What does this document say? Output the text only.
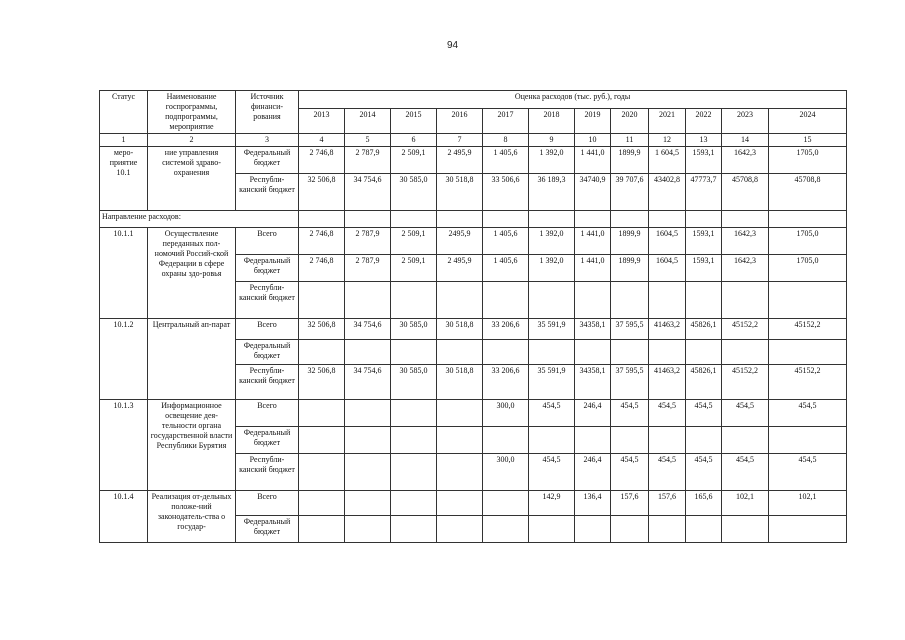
94
Статус	Наименование госпрограммы, подпрограммы, мероприятие	Источник финанси-рования	Оценка расходов (тыс. руб.), годы											
			2013	2014	2015	2016	2017	2018	2019	2020	2021	2022	2023	2024
1	2	3	4	5	6	7	8	9	10	11	12	13	14	15
меро-приятие 10.1	ние управления системой здраво-охранения	Федеральный бюджет	2 746,8	2 787,9	2 509,1	2 495,9	1 405,6	1 392,0	1 441,0	1899,9	1 604,5	1593,1	1642,3	1705,0
		Республи-канский бюджет	32 506,8	34 754,6	30 585,0	30 518,8	33 506,6	36 189,3	34740,9	39 707,6	43402,8	47773,7	45708,8	45708,8
Направление расходов:														
10.1.1	Осуществление переданных пол-номочий Россий-ской Федерации в сфере охраны здо-ровья	Всего	2 746,8	2 787,9	2 509,1	2495,9	1 405,6	1 392,0	1 441,0	1899,9	1604,5	1593,1	1642,3	1705,0
		Федеральный бюджет	2 746,8	2 787,9	2 509,1	2 495,9	1 405,6	1 392,0	1 441,0	1899,9	1604,5	1593,1	1642,3	1705,0
		Республи-канский бюджет												
10.1.2	Центральный ап-парат	Всего	32 506,8	34 754,6	30 585,0	30 518,8	33 206,6	35 591,9	34358,1	37 595,5	41463,2	45826,1	45152,2	45152,2
		Федеральный бюджет												
		Республи-канский бюджет	32 506,8	34 754,6	30 585,0	30 518,8	33 206,6	35 591,9	34358,1	37 595,5	41463,2	45826,1	45152,2	45152,2
10.1.3	Информационное освещение дея-тельности органа государственной власти Республики Бурятия	Всего					300,0	454,5	246,4	454,5	454,5	454,5	454,5	454,5
		Федеральный бюджет												
		Республи-канский бюджет					300,0	454,5	246,4	454,5	454,5	454,5	454,5	454,5
10.1.4	Реализация от-дельных положе-ний законодатель-ства о государ-	Всего						142,9	136,4	157,6	157,6	165,6	102,1	102,1
		Федеральный бюджет												
